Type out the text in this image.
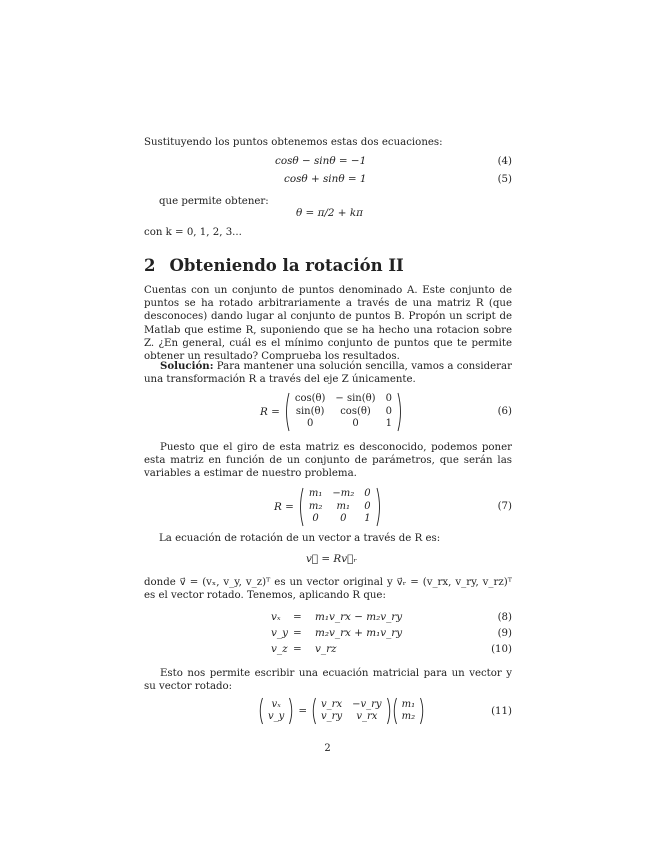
Sustituyendo los puntos obtenemos estas dos ecuaciones:
cosθ − sinθ = −1	(4)
cosθ + sinθ = 1	(5)
que permite obtener:
θ = π/2 + kπ
con k = 0, 1, 2, 3...
2 Obteniendo la rotación II
Cuentas con un conjunto de puntos denominado A. Este conjunto de puntos se ha rotado arbitrariamente a través de una matriz R (que desconoces) dando lugar al conjunto de puntos B. Propón un script de Matlab que estime R, suponiendo que se ha hecho una rotacion sobre Z. ¿En general, cuál es el mínimo conjunto de puntos que te permite obtener un resultado? Comprueba los resultados.
Solución: Para mantener una solución sencilla, vamos a considerar una transformación R a través del eje Z únicamente.
R =
cos(θ)	− sin(θ)	0
sin(θ)	cos(θ)	0
0	0	1
(6)
Puesto que el giro de esta matriz es desconocido, podemos poner esta matriz en función de un conjunto de parámetros, que serán las variables a estimar de nuestro problema.
R =
m₁	−m₂	0
m₂	m₁	0
0	0	1
(7)
La ecuación de rotación de un vector a través de R es:
v⃗ = Rv⃗ᵣ
donde v⃗ = (vₓ, v_y, v_z)ᵀ es un vector original y v⃗ᵣ = (v_rx, v_ry, v_rz)ᵀ es el vector rotado. Tenemos, aplicando R que:
vₓ = m₁v_rx − m₂v_ry	(8)
v_y = m₂v_rx + m₁v_ry	(9)
v_z = v_rz	(10)
Esto nos permite escribir una ecuación matricial para un vector y su vector rotado:
vₓ
v_y =
v_rx	−v_ry
v_ry	v_rx
m₁
m₂	(11)
2
